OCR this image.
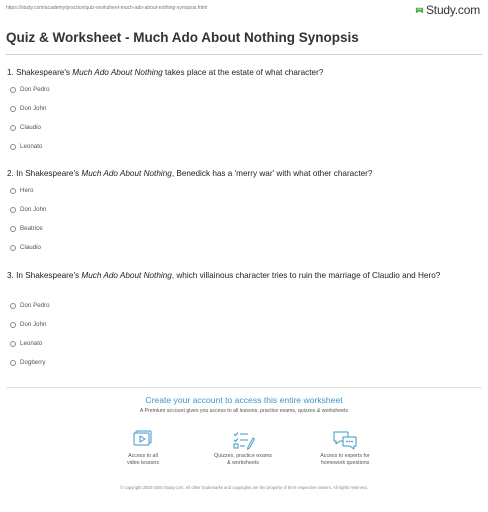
https://study.com/academy/practice/quiz-worksheet-much-ado-about-nothing-synopsis.html	Study.com
Quiz & Worksheet - Much Ado About Nothing Synopsis

1. Shakespeare's Much Ado About Nothing takes place at the estate of what character?

Don Pedro
Don John
Claudio
Leonato

2. In Shakespeare's Much Ado About Nothing, Benedick has a 'merry war' with what other character?

Hero
Don John
Beatrice
Claudio

3. In Shakespeare's Much Ado About Nothing, which villainous character tries to ruin the marriage of Claudio and Hero?

Don Pedro
Don John
Leonato
Dogberry
Create your account to access this entire worksheet
A Premium account gives you access to all lessons, practice exams, quizzes & worksheets
Access to all
video lessons
Quizzes, practice exams
& worksheets
Access to experts for
homework questions
© copyright 2003-2020 Study.com. All other trademarks and copyrights are the property of their respective owners. All rights reserved.
